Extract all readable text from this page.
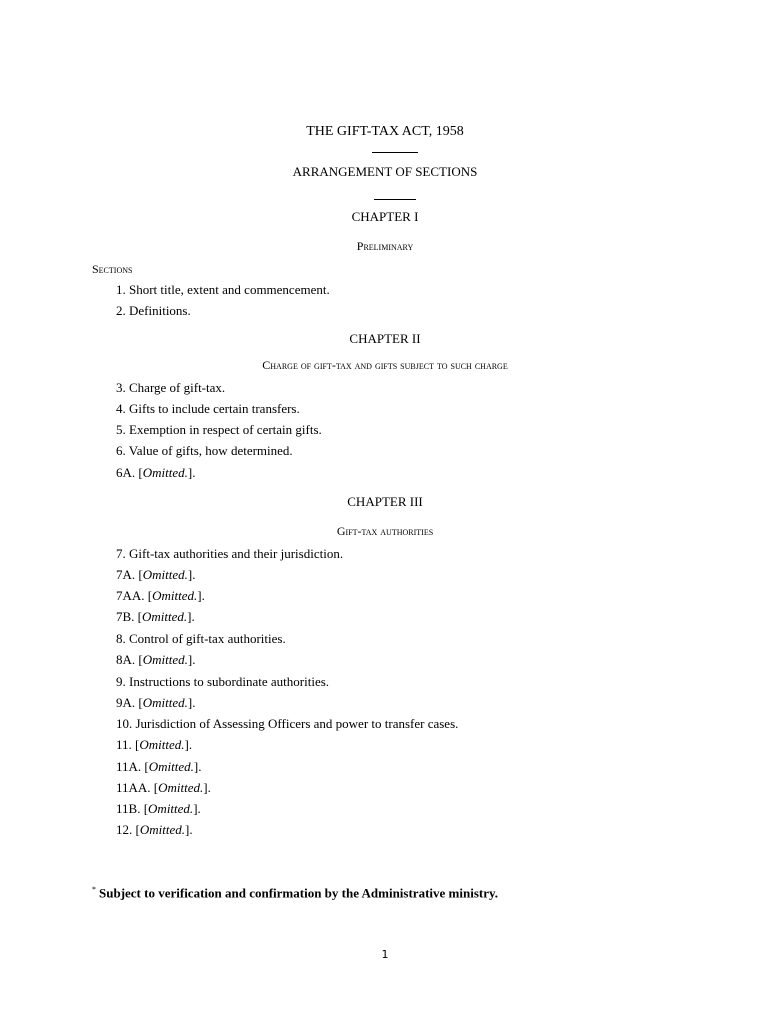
THE GIFT-TAX ACT, 1958
ARRANGEMENT OF SECTIONS
CHAPTER I
Preliminary
Sections
1. Short title, extent and commencement.
2. Definitions.
CHAPTER II
Charge of gift-tax and gifts subject to such charge
3. Charge of gift-tax.
4. Gifts to include certain transfers.
5. Exemption in respect of certain gifts.
6. Value of gifts, how determined.
6A. [Omitted.].
CHAPTER III
Gift-tax authorities
7. Gift-tax authorities and their jurisdiction.
7A. [Omitted.].
7AA. [Omitted.].
7B. [Omitted.].
8. Control of gift-tax authorities.
8A. [Omitted.].
9. Instructions to subordinate authorities.
9A. [Omitted.].
10. Jurisdiction of Assessing Officers and power to transfer cases.
11. [Omitted.].
11A. [Omitted.].
11AA. [Omitted.].
11B. [Omitted.].
12. [Omitted.].
* Subject to verification and confirmation by the Administrative ministry.
1
